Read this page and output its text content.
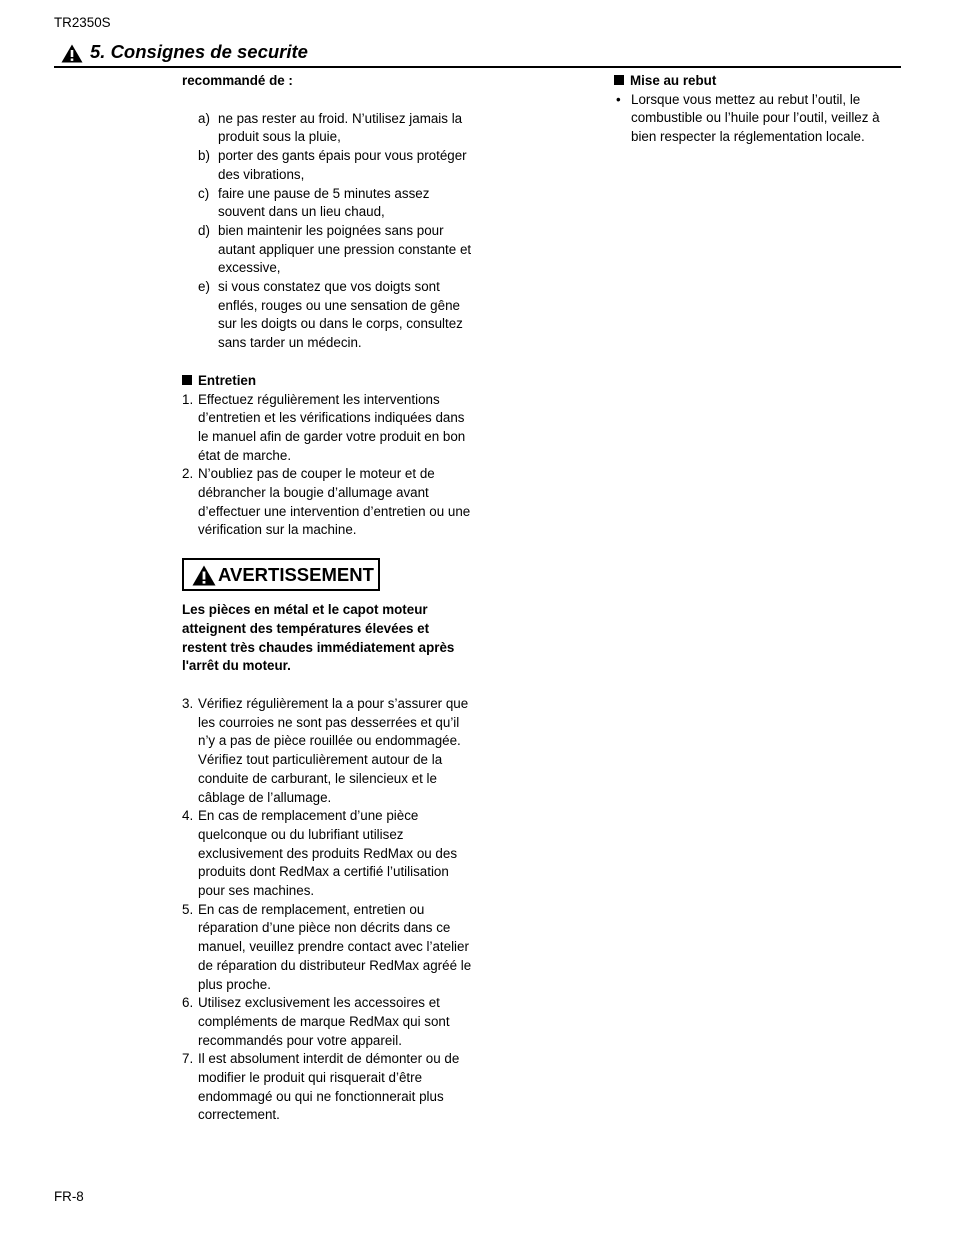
TR2350S
5. Consignes de securite
recommandé de :
a) ne pas rester au froid. N’utilisez jamais la produit sous la pluie,
b) porter des gants épais pour vous protéger des vibrations,
c) faire une pause de 5 minutes assez souvent dans un lieu chaud,
d) bien maintenir les poignées sans pour autant appliquer une pression constante et excessive,
e) si vous constatez que vos doigts sont enflés, rouges ou une sensation de gêne sur les doigts ou dans le corps, consultez sans tarder un médecin.
Entretien
1. Effectuez régulièrement les interventions d’entretien et les vérifications indiquées dans le manuel afin de garder votre produit en bon état de marche.
2. N’oubliez pas de couper le moteur et de débrancher la bougie d’allumage avant d’effectuer une intervention d’entretien ou une vérification sur la machine.
AVERTISSEMENT
Les pièces en métal et le capot moteur atteignent des températures élevées et restent très chaudes immédiatement après l'arrêt du moteur.
3. Vérifiez régulièrement la a pour s’assurer que les courroies ne sont pas desserrées et qu’il n’y a pas de pièce rouillée ou endommagée. Vérifiez tout particulièrement autour de la conduite de carburant, le silencieux et le câblage de l’allumage.
4. En cas de remplacement d’une pièce quelconque ou du lubrifiant utilisez exclusivement des produits RedMax ou des produits dont RedMax a certifié l’utilisation pour ses machines.
5. En cas de remplacement, entretien ou réparation d’une pièce non décrits dans ce manuel, veuillez prendre contact avec l’atelier de réparation du distributeur RedMax agréé le plus proche.
6. Utilisez exclusivement les accessoires et compléments de marque RedMax qui sont recommandés pour votre appareil.
7. Il est absolument interdit de démonter ou de modifier le produit qui risquerait d’être endommagé ou qui ne fonctionnerait plus correctement.
Mise au rebut
• Lorsque vous mettez au rebut l’outil, le combustible ou l’huile pour l’outil, veillez à bien respecter la réglementation locale.
FR-8
